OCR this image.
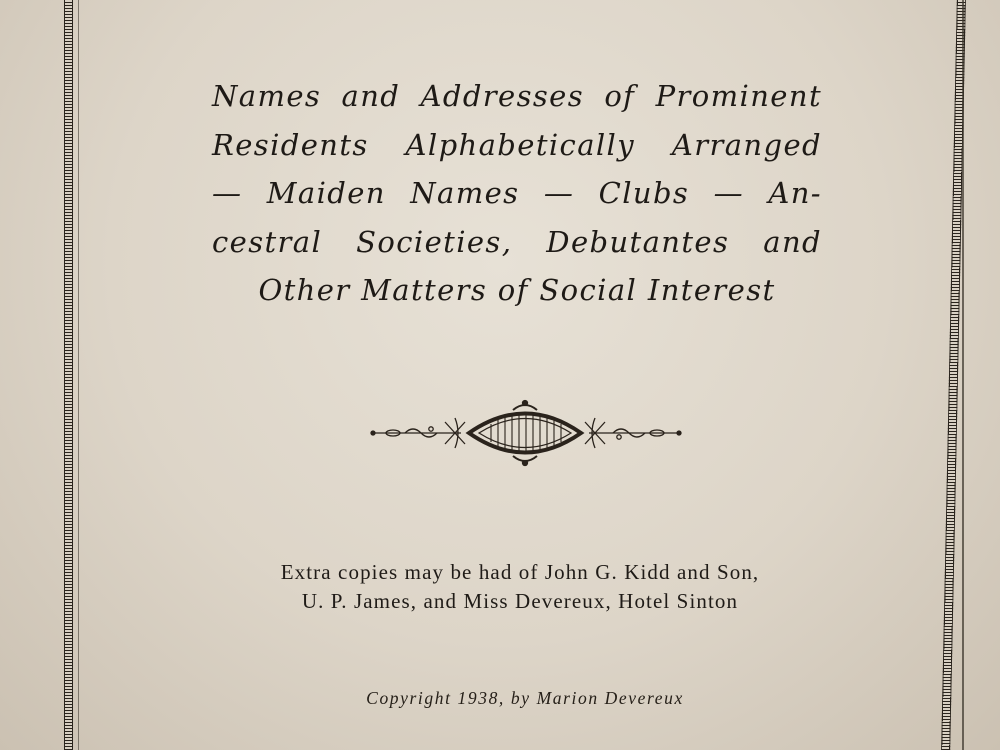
Names and Addresses of Prominent
Residents Alphabetically Arranged
— Maiden Names — Clubs — An-
cestral Societies, Debutantes and
Other Matters of Social Interest
Extra copies may be had of John G. Kidd and Son,
U. P. James, and Miss Devereux, Hotel Sinton
Copyright 1938, by Marion Devereux
